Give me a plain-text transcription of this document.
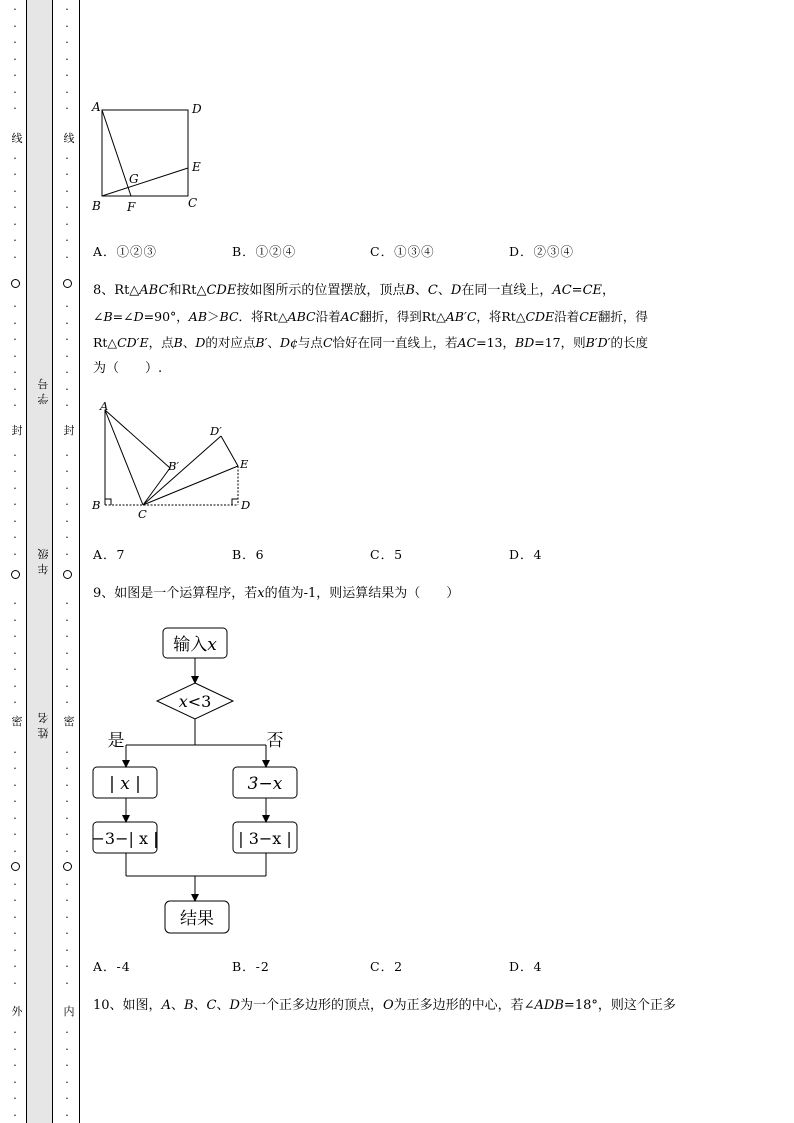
·
·
·
·
·
·
·
·
·
·
·
·
·
·
·
·
·
·
·
·
·
·
·
·
·
·
·
·
·
·
·
·
·
·
·
·
·
·
·
·
·
·
·
·
·
·
·
·
·
·
·
·
·
·
·
·
·
·
·
·
·
·
·
·
·
·
·
·
·
·
·
·
·
·
·
·
·
·
·
·
·
·
·
·
·
·
·
·
·
·
·
·
·
·
·
·
·
·
·
·
·
·
·
·
·
·
·
·
·
·
线
封
密
外
线
封
密
内
学号
年级
姓名
A	D
E
G
B F	C
A．①②③	B．①②④	C．①③④	D．②③④
8、Rt△ABC和Rt△CDE按如图所示的位置摆放，顶点B、C、D在同一直线上，AC=CE，
∠B=∠D=90°，AB＞BC．将Rt△ABC沿着AC翻折，得到Rt△AB′C，将Rt△CDE沿着CE翻折，得
Rt△CD′E，点B、D的对应点B′、D¢与点C恰好在同一直线上，若AC=13，BD=17，则B′D′的长度
为（　　）.
A
D′
B′	E
B
C
D
A．7	B．6	C．5	D．4
9、如图是一个运算程序，若x的值为-1，则运算结果为（　　）
输入x
x<3
是	否
| x |	3−x
−3−| x |	| 3−x |
结果
A．-4	B．-2	C．2	D．4
10、如图，A、B、C、D为一个正多边形的顶点，O为正多边形的中心，若∠ADB=18°，则这个正多
